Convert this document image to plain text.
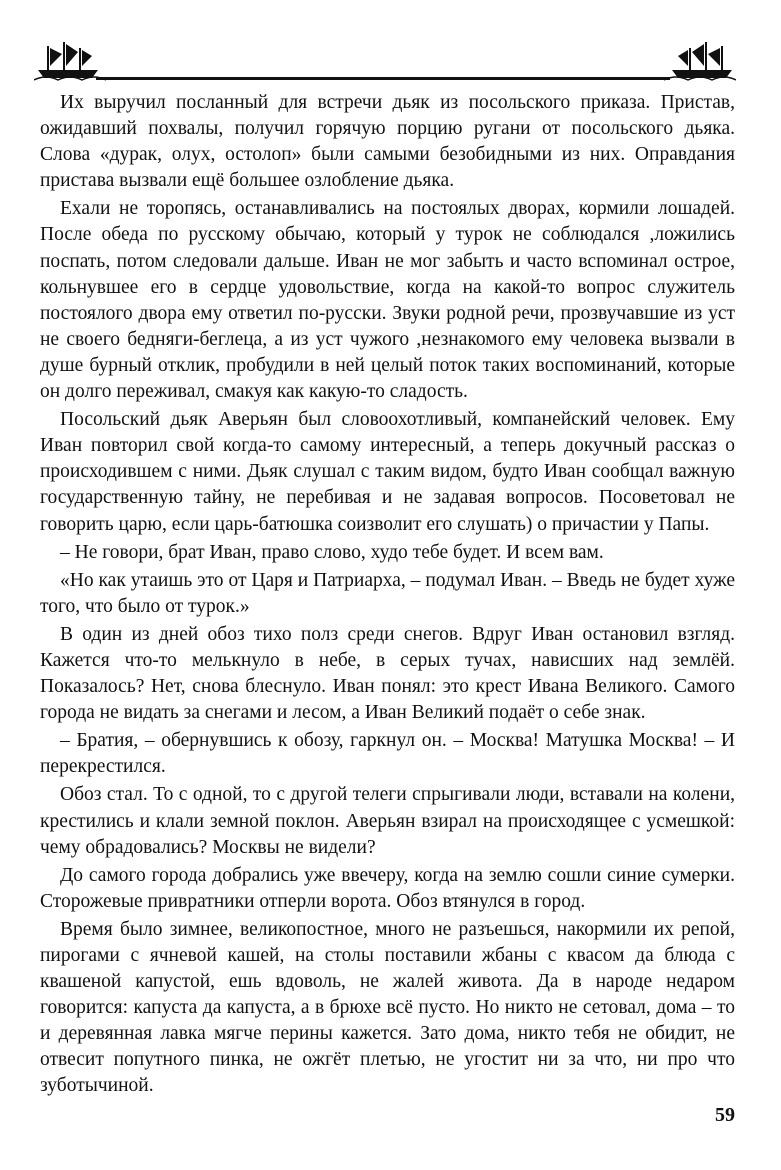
Их выручил посланный для встречи дьяк из посольского приказа. Пристав, ожидавший похвалы, получил горячую порцию ругани от посольского дьяка. Слова «дурак, олух, остолоп» были самыми безобидными из них. Оправдания пристава вызвали ещё большее озлобление дьяка.

Ехали не торопясь, останавливались на постоялых дворах, кормили лошадей. После обеда по русскому обычаю, который у турок не соблюдался ,ложились поспать, потом следовали дальше. Иван не мог забыть и часто вспоминал острое, кольнувшее его в сердце удовольствие, когда на какой-то вопрос служитель постоялого двора ему ответил по-русски. Звуки родной речи, прозвучавшие из уст не своего бедняги-беглеца, а из уст чужого ,незнакомого ему человека вызвали в душе бурный отклик, пробудили в ней целый поток таких воспоминаний, которые он долго переживал, смакуя как какую-то сладость.

Посольский дьяк Аверьян был словоохотливый, компанейский человек. Ему Иван повторил свой когда-то самому интересный, а теперь докучный рассказ о происходившем с ними. Дьяк слушал с таким видом, будто Иван сообщал важную государственную тайну, не перебивая и не задавая вопросов. Посоветовал не говорить царю, если царь-батюшка соизволит его слушать) о причастии у Папы.

– Не говори, брат Иван, право слово, худо тебе будет. И всем вам.

«Но как утаишь это от Царя и Патриарха, – подумал Иван. – Введь не будет хуже того, что было от турок.»

В один из дней обоз тихо полз среди снегов. Вдруг Иван остановил взгляд. Кажется что-то мелькнуло в небе, в серых тучах, нависших над землёй. Показалось? Нет, снова блеснуло. Иван понял: это крест Ивана Великого. Самого города не видать за снегами и лесом, а Иван Великий подаёт о себе знак.

– Братия, – обернувшись к обозу, гаркнул он. – Москва! Матушка Москва! – И перекрестился.

Обоз стал. То с одной, то с другой телеги спрыгивали люди, вставали на колени, крестились и клали земной поклон. Аверьян взирал на происходящее с усмешкой: чему обрадовались? Москвы не видели?

До самого города добрались уже ввечеру, когда на землю сошли синие сумерки. Сторожевые привратники отперли ворота. Обоз втянулся в город.

Время было зимнее, великопостное, много не разъешься, накормили их репой, пирогами с ячневой кашей, на столы поставили жбаны с квасом да блюда с квашеной капустой, ешь вдоволь, не жалей живота. Да в народе недаром говорится: капуста да капуста, а в брюхе всё пусто. Но никто не сетовал, дома – то и деревянная лавка мягче перины кажется. Зато дома, никто тебя не обидит, не отвесит попутного пинка, не ожгёт плетью, не угостит ни за что, ни про что зуботычиной.

59
